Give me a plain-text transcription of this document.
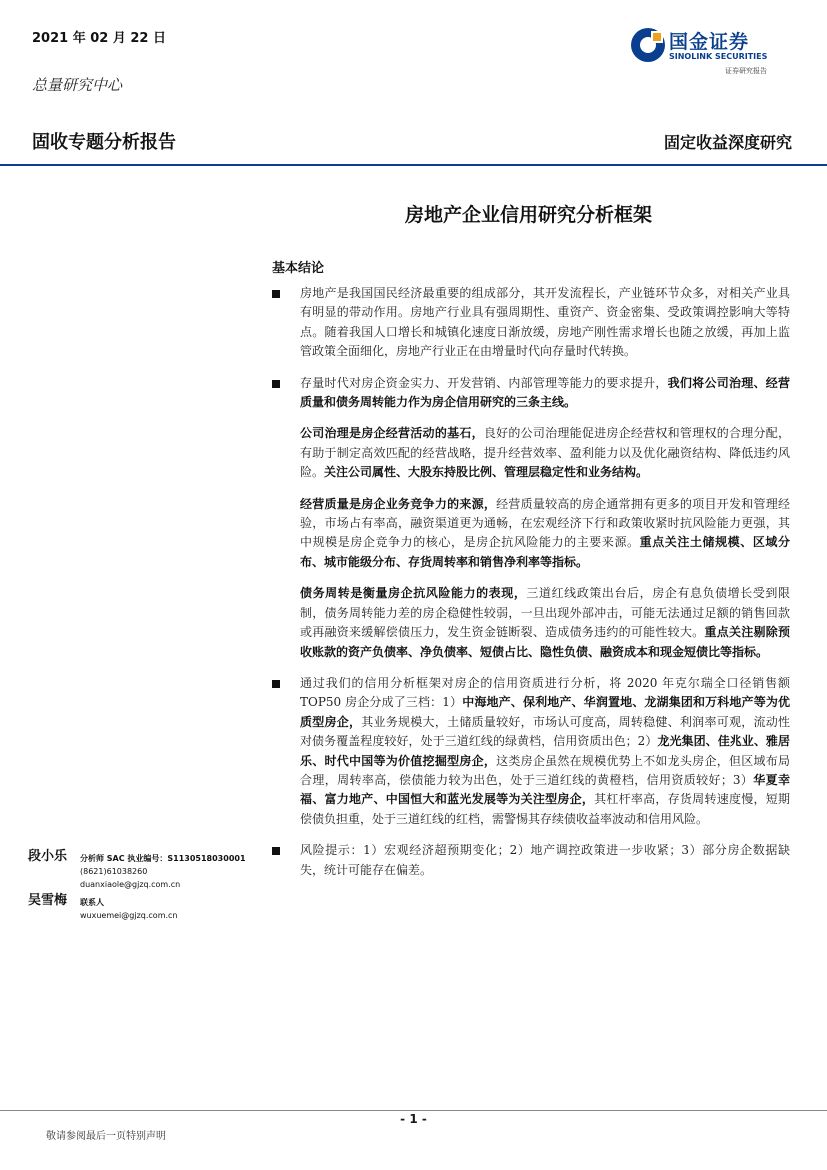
2021 年 02 月 22 日
总量研究中心
国金证券
SINOLINK SECURITIES
证券研究报告
固收专题分析报告	固定收益深度研究
房地产企业信用研究分析框架
基本结论
房地产是我国国民经济最重要的组成部分，其开发流程长，产业链环节众多，对相关产业具有明显的带动作用。房地产行业具有强周期性、重资产、资金密集、受政策调控影响大等特点。随着我国人口增长和城镇化速度日渐放缓，房地产刚性需求增长也随之放缓，再加上监管政策全面细化，房地产行业正在由增量时代向存量时代转换。
存量时代对房企资金实力、开发营销、内部管理等能力的要求提升，我们将公司治理、经营质量和债务周转能力作为房企信用研究的三条主线。
公司治理是房企经营活动的基石，良好的公司治理能促进房企经营权和管理权的合理分配，有助于制定高效匹配的经营战略，提升经营效率、盈利能力以及优化融资结构、降低违约风险。关注公司属性、大股东持股比例、管理层稳定性和业务结构。
经营质量是房企业务竞争力的来源，经营质量较高的房企通常拥有更多的项目开发和管理经验，市场占有率高，融资渠道更为通畅，在宏观经济下行和政策收紧时抗风险能力更强，其中规模是房企竞争力的核心，是房企抗风险能力的主要来源。重点关注土储规模、区域分布、城市能级分布、存货周转率和销售净利率等指标。
债务周转是衡量房企抗风险能力的表现，三道红线政策出台后，房企有息负债增长受到限制，债务周转能力差的房企稳健性较弱，一旦出现外部冲击，可能无法通过足额的销售回款或再融资来缓解偿债压力，发生资金链断裂、造成债务违约的可能性较大。重点关注剔除预收账款的资产负债率、净负债率、短债占比、隐性负债、融资成本和现金短债比等指标。
通过我们的信用分析框架对房企的信用资质进行分析，将 2020 年克尔瑞全口径销售额 TOP50 房企分成了三档：1）中海地产、保利地产、华润置地、龙湖集团和万科地产等为优质型房企，其业务规模大，土储质量较好，市场认可度高，周转稳健、利润率可观，流动性对债务覆盖程度较好，处于三道红线的绿黄档，信用资质出色；2）龙光集团、佳兆业、雅居乐、时代中国等为价值挖掘型房企，这类房企虽然在规模优势上不如龙头房企，但区域布局合理，周转率高，偿债能力较为出色，处于三道红线的黄橙档，信用资质较好；3）华夏幸福、富力地产、中国恒大和蓝光发展等为关注型房企，其杠杆率高，存货周转速度慢，短期偿债负担重，处于三道红线的红档，需警惕其存续债收益率波动和信用风险。
风险提示：1）宏观经济超预期变化；2）地产调控政策进一步收紧；3）部分房企数据缺失，统计可能存在偏差。
段小乐 分析师 SAC 执业编号：S1130518030001
(8621)61038260
duanxiaole@gjzq.com.cn
吴雪梅 联系人
wuxuemei@gjzq.com.cn
- 1 -
敬请参阅最后一页特别声明
